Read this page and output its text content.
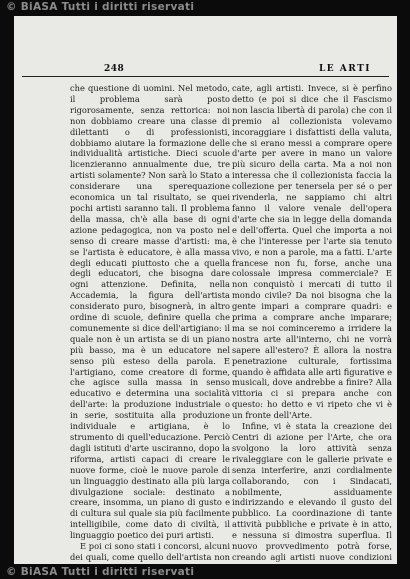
© BiASA Tutti i diritti riservati
248	LE ARTI

che questione di uomini. Nel metodo, il problema sarà posto rigorosamente, senza rettorica: noi non dobbiamo creare una classe di dilettanti o di professionisti, dobbiamo aiutare la formazione delle individualità artistiche. Dieci scuole licenzieranno annualmente due, tre artisti solamente? Non sarà lo Stato a considerare una sperequazione economica un tal risultato, se quei pochi artisti saranno tali. Il problema della massa, ch'è alla base di ogni azione pedagogica, non va posto nel senso di creare masse d'artisti: ma, se l'artista è educatore, è alla massa degli educati piuttosto che a quella degli educatori, che bisogna dare ogni attenzione. Definita, nella Accademia, la figura dell'artista considerato puro, bisognerà, in altro ordine di scuole, definire quella che comunemente si dice dell'artigiano: il quale non è un artista se di un piano più basso, ma è un educatore nel senso più esteso della parola. E l'artigiano, come creatore di forme, che agisce sulla massa in senso educativo e determina una socialità dell'arte: la produzione industriale o in serie, sostituita alla produzione individuale e artigiana, è lo strumento di quell'educazione. Perciò dagli istituti d'arte usciranno, dopo la riforma, artisti capaci di creare le nuove forme, cioè le nuove parole di un linguaggio destinato alla più larga divulgazione sociale: destinato a creare, insomma, un piano di gusto e di cultura sul quale sia più facilmente intelligibile, come dato di civiltà, il linguaggio poetico dei puri artisti.

E poi ci sono stati i concorsi, alcuni dei quali, come quello dell'artista non

cate, agli artisti. Invece, si è perfino detto (e poi si dice che il Fascismo non lascia libertà di parola) che con il premio al collezionista volevamo incoraggiare i disfattisti della valuta, che si erano messi a comprare opere d'arte per avere in mano un valore più sicuro della carta. Ma a noi non interessa che il collezionista faccia la collezione per tenersela per sé o per rivenderla, ne sappiamo chi altri fanno il valore venale dell'opera d'arte che sia in legge della domanda e dell'offerta. Quel che importa a noi è che l'interesse per l'arte sia tenuto vivo, e non a parole, ma a fatti. L'arte francese non fu, forse, anche una colossale impresa commerciale? E non conquistò i mercati di tutto il mondo civile? Da noi bisogna che la gente impari a comprare quadri: e prima a comprare anche imparare; ma se noi cominceremo a irridere la nostra arte all'interno, chi ne vorrà sapere all'estero? È allora la nostra penetrazione culturale, fortissima quando è affidata alle arti figurative e musicali, dove andrebbe a finire? Alla vittoria ci si prepara anche con questo: ho detto e vi ripeto che vi è un fronte dell'Arte.

Infine, vi è stata la creazione dei Centri di azione per l'Arte, che ora svolgono la loro attività senza rivaleggiare con le gallerie private e senza interferire, anzi cordialmente collaborando, con i Sindacati, nobilmente, assiduamente indirizzando e elevando il gusto del pubblico. La coordinazione di tante attività pubbliche e private è in atto, e nessuna si dimostra superflua. Il nuovo provvedimento potrà forse, creando agli artisti nuove condizioni

© BiASA Tutti i diritti riservati
